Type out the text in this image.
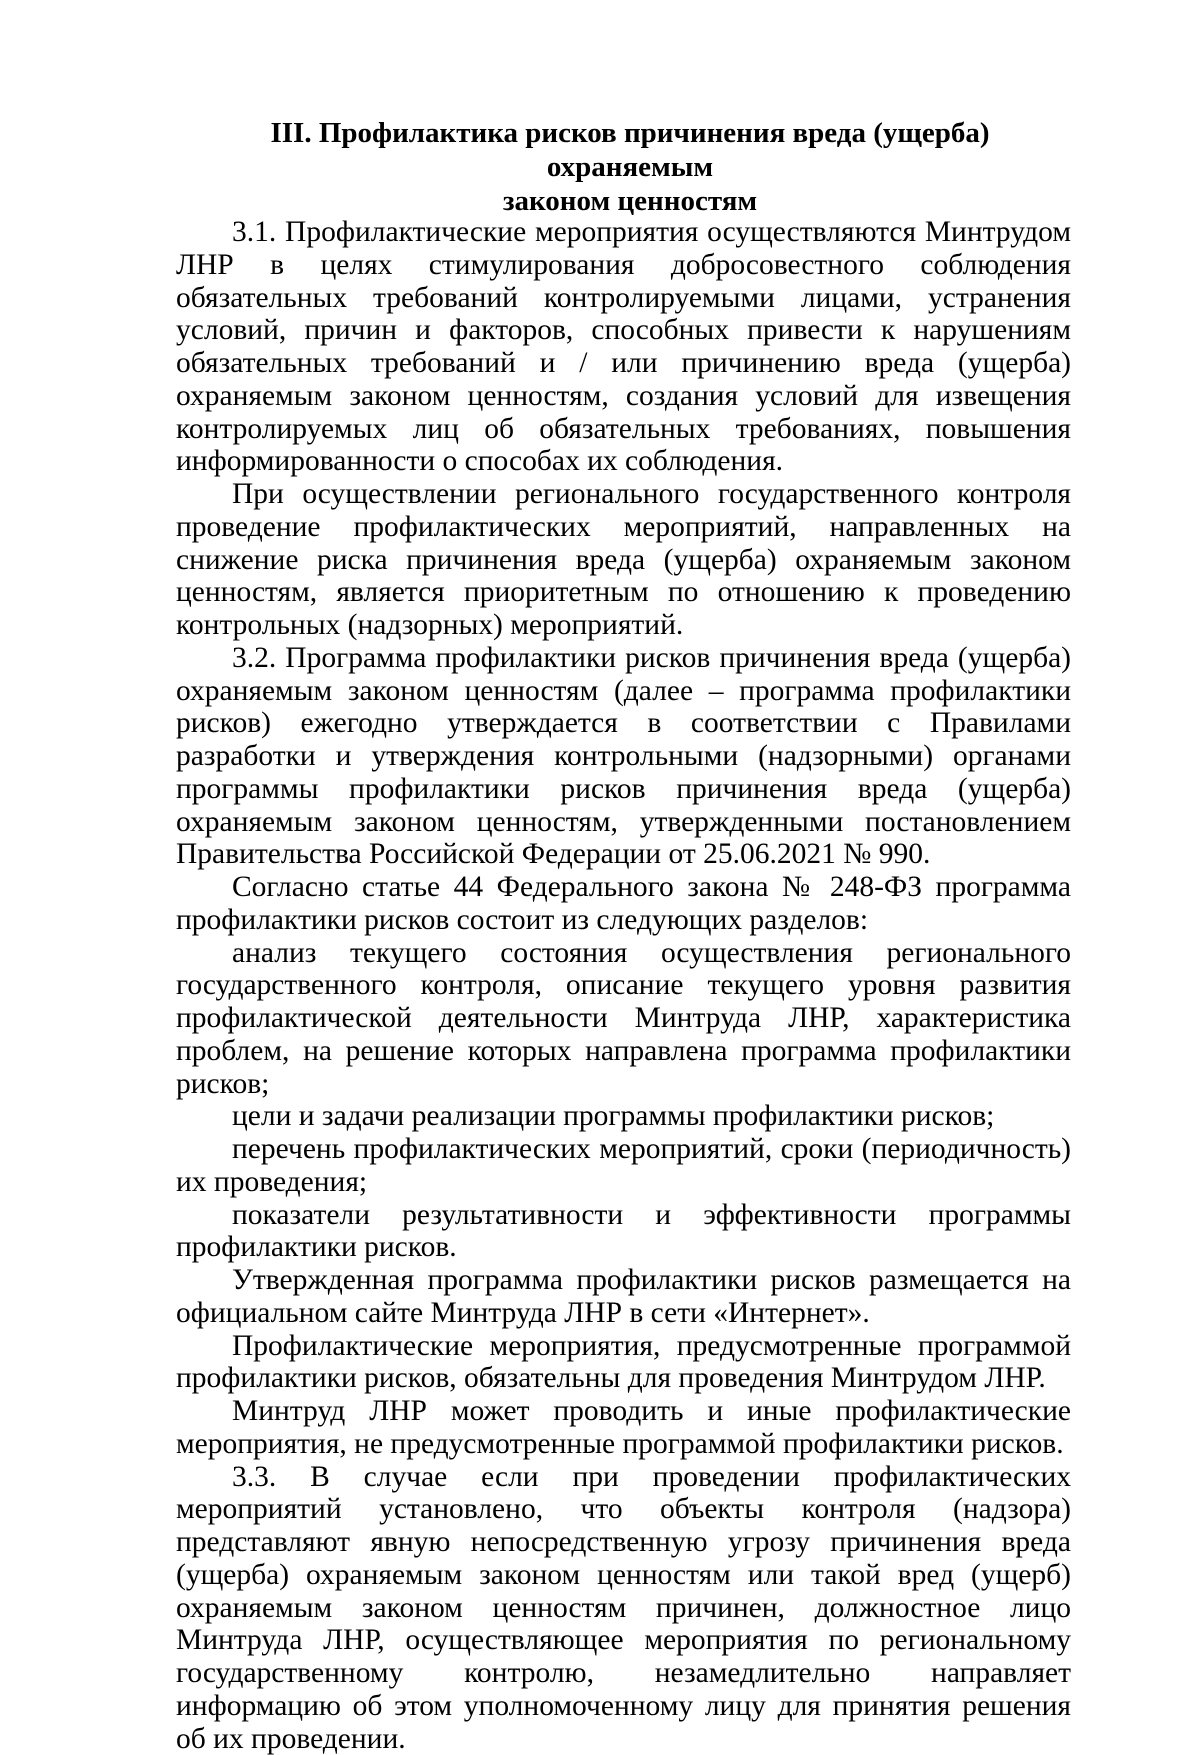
III. Профилактика рисков причинения вреда (ущерба) охраняемым
законом ценностям

3.1. Профилактические мероприятия осуществляются Минтрудом ЛНР в целях стимулирования добросовестного соблюдения обязательных требований контролируемыми лицами, устранения условий, причин и факторов, способных привести к нарушениям обязательных требований и / или причинению вреда (ущерба) охраняемым законом ценностям, создания условий для извещения контролируемых лиц об обязательных требованиях, повышения информированности о способах их соблюдения.

При осуществлении регионального государственного контроля проведение профилактических мероприятий, направленных на снижение риска причинения вреда (ущерба) охраняемым законом ценностям, является приоритетным по отношению к проведению контрольных (надзорных) мероприятий.

3.2. Программа профилактики рисков причинения вреда (ущерба) охраняемым законом ценностям (далее – программа профилактики рисков) ежегодно утверждается в соответствии с Правилами разработки и утверждения контрольными (надзорными) органами программы профилактики рисков причинения вреда (ущерба) охраняемым законом ценностям, утвержденными постановлением Правительства Российской Федерации от 25.06.2021 № 990.

Согласно статье 44 Федерального закона № 248-ФЗ программа профилактики рисков состоит из следующих разделов:

анализ текущего состояния осуществления регионального государственного контроля, описание текущего уровня развития профилактической деятельности Минтруда ЛНР, характеристика проблем, на решение которых направлена программа профилактики рисков;

цели и задачи реализации программы профилактики рисков;

перечень профилактических мероприятий, сроки (периодичность) их проведения;

показатели результативности и эффективности программы профилактики рисков.

Утвержденная программа профилактики рисков размещается на официальном сайте Минтруда ЛНР в сети «Интернет».

Профилактические мероприятия, предусмотренные программой профилактики рисков, обязательны для проведения Минтрудом ЛНР.

Минтруд ЛНР может проводить и иные профилактические мероприятия, не предусмотренные программой профилактики рисков.

3.3. В случае если при проведении профилактических мероприятий установлено, что объекты контроля (надзора) представляют явную непосредственную угрозу причинения вреда (ущерба) охраняемым законом ценностям или такой вред (ущерб) охраняемым законом ценностям причинен, должностное лицо Минтруда ЛНР, осуществляющее мероприятия по региональному государственному контролю, незамедлительно направляет информацию об этом уполномоченному лицу для принятия решения об их проведении.
